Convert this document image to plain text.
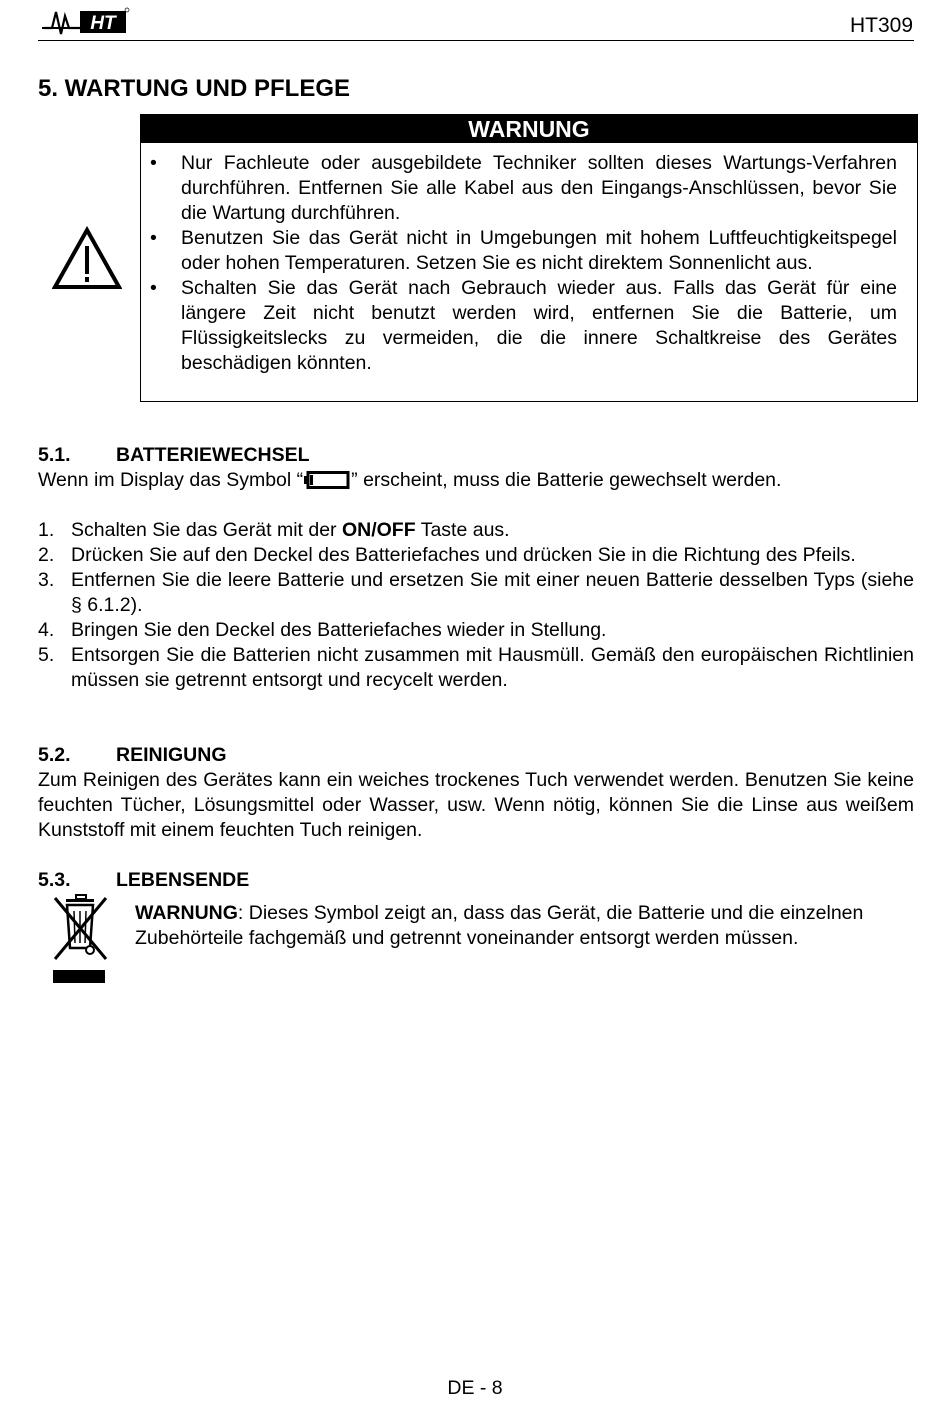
HT	HT309
5. WARTUNG UND PFLEGE
WARNUNG
• Nur Fachleute oder ausgebildete Techniker sollten dieses Wartungs-Verfahren durchführen. Entfernen Sie alle Kabel aus den Eingangs-Anschlüssen, bevor Sie die Wartung durchführen.
• Benutzen Sie das Gerät nicht in Umgebungen mit hohem Luftfeuchtigkeitspegel oder hohen Temperaturen. Setzen Sie es nicht direktem Sonnenlicht aus.
• Schalten Sie das Gerät nach Gebrauch wieder aus. Falls das Gerät für eine längere Zeit nicht benutzt werden wird, entfernen Sie die Batterie, um Flüssigkeitslecks zu vermeiden, die die innere Schaltkreise des Gerätes beschädigen könnten.
5.1. BATTERIEWECHSEL
Wenn im Display das Symbol “ ” erscheint, muss die Batterie gewechselt werden.
1. Schalten Sie das Gerät mit der ON/OFF Taste aus.
2. Drücken Sie auf den Deckel des Batteriefaches und drücken Sie in die Richtung des Pfeils.
3. Entfernen Sie die leere Batterie und ersetzen Sie mit einer neuen Batterie desselben Typs (siehe § 6.1.2).
4. Bringen Sie den Deckel des Batteriefaches wieder in Stellung.
5. Entsorgen Sie die Batterien nicht zusammen mit Hausmüll. Gemäß den europäischen Richtlinien müssen sie getrennt entsorgt und recycelt werden.
5.2. REINIGUNG
Zum Reinigen des Gerätes kann ein weiches trockenes Tuch verwendet werden. Benutzen Sie keine feuchten Tücher, Lösungsmittel oder Wasser, usw. Wenn nötig, können Sie die Linse aus weißem Kunststoff mit einem feuchten Tuch reinigen.
5.3. LEBENSENDE
WARNUNG: Dieses Symbol zeigt an, dass das Gerät, die Batterie und die einzelnen Zubehörteile fachgemäß und getrennt voneinander entsorgt werden müssen.
DE - 8
